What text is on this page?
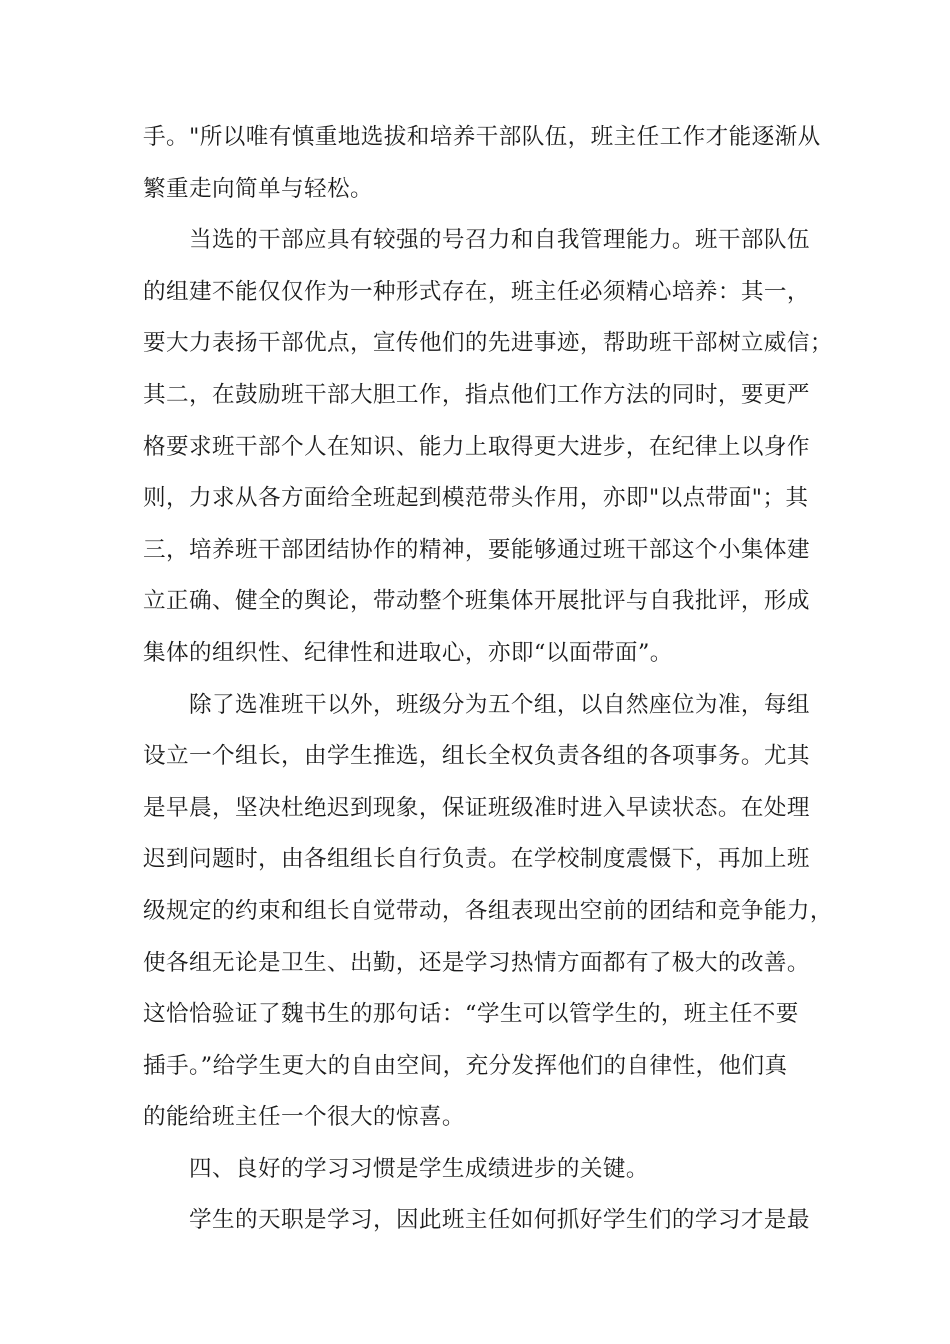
手。"所以唯有慎重地选拔和培养干部队伍，班主任工作才能逐渐从
繁重走向简单与轻松。
当选的干部应具有较强的号召力和自我管理能力。班干部队伍
的组建不能仅仅作为一种形式存在，班主任必须精心培养：其一，
要大力表扬干部优点，宣传他们的先进事迹，帮助班干部树立威信；
其二，在鼓励班干部大胆工作，指点他们工作方法的同时，要更严
格要求班干部个人在知识、能力上取得更大进步，在纪律上以身作
则，力求从各方面给全班起到模范带头作用，亦即"以点带面"；其
三，培养班干部团结协作的精神，要能够通过班干部这个小集体建
立正确、健全的舆论，带动整个班集体开展批评与自我批评，形成
集体的组织性、纪律性和进取心，亦即“以面带面”。
除了选准班干以外，班级分为五个组，以自然座位为准，每组
设立一个组长，由学生推选，组长全权负责各组的各项事务。尤其
是早晨，坚决杜绝迟到现象，保证班级准时进入早读状态。在处理
迟到问题时，由各组组长自行负责。在学校制度震慑下，再加上班
级规定的约束和组长自觉带动，各组表现出空前的团结和竞争能力，
使各组无论是卫生、出勤，还是学习热情方面都有了极大的改善。
这恰恰验证了魏书生的那句话：“学生可以管学生的，班主任不要
插手。”给学生更大的自由空间，充分发挥他们的自律性，他们真
的能给班主任一个很大的惊喜。
四、良好的学习习惯是学生成绩进步的关键。
学生的天职是学习，因此班主任如何抓好学生们的学习才是最
